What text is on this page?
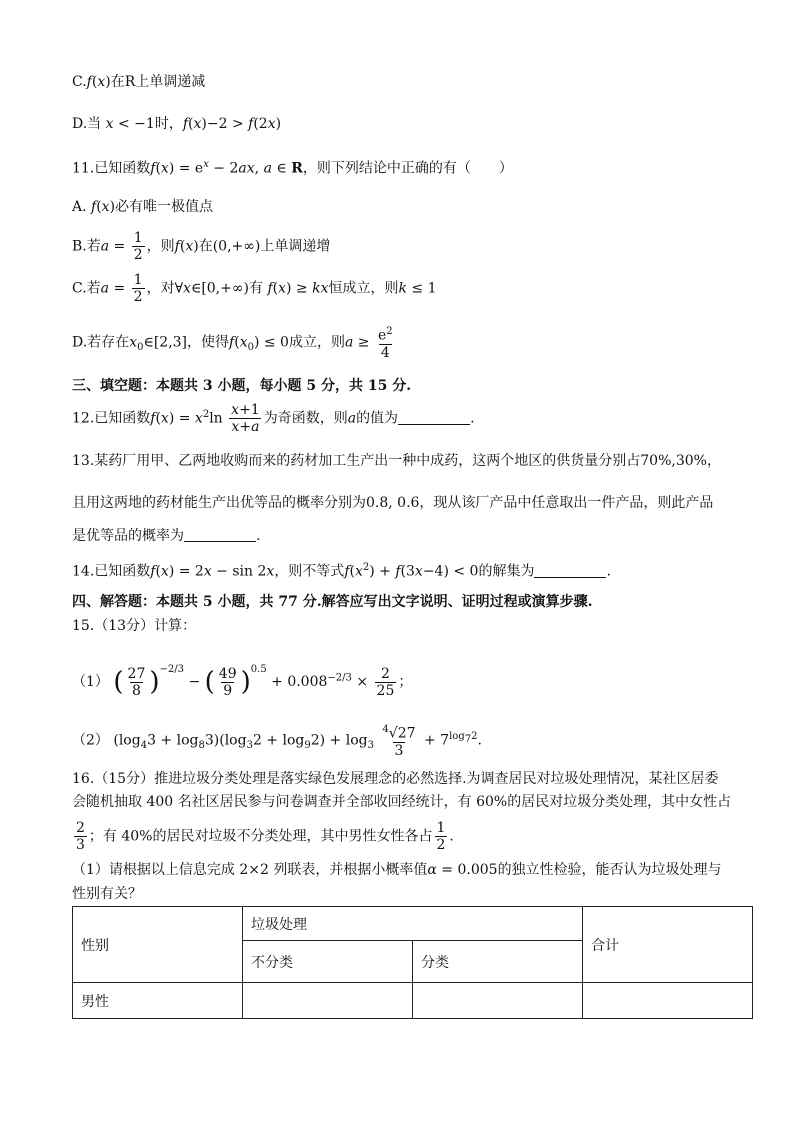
C.f(x)在R上单调递减
D.当 x < −1时，f(x)−2 > f(2x)
11.已知函数$f(x) = e^x - 2ax$, a ∈ R，则下列结论中正确的有（　　）
A. f(x)必有唯一极值点
B.若$a = \frac{1}{2}$ ，则f(x)在(0,+∞)上单调递增
C.若$a = \frac{1}{2}$ ，对∀x∈[0,+∞)有 f(x) ≥ kx恒成立，则k ≤ 1
D.若存在$x_0\in[2,3]$，使得$f(x_0) \le 0$成立，则$a \ge \frac{e^2}{4}$
三、填空题：本题共 3 小题，每小题 5 分，共 15 分.
12.已知函数$f(x) = x^2\ln \frac{x+1}{x+a}$ 为奇函数，则a的值为	.
13.某药厂用甲、乙两地收购而来的药材加工生产出一种中成药，这两个地区的供货量分别占70%,30%，
且用这两地的药材能生产出优等品的概率分别为0.8, 0.6，现从该厂产品中任意取出一件产品，则此产品
是优等品的概率为	.
14.已知函数f(x) = 2x − sin 2x，则不等式$f(x^2) + f(3x-4) < 0$的解集为	.
四、解答题：本题共 5 小题，共 77 分.解答应写出文字说明、证明过程或演算步骤.
15.（13分）计算：
（1） ( $\frac{27}{8} )^{-2/3}$ − ( $\frac{49}{9} )^{0.5} + 0.008^{-2/3} \times \frac{2}{25}$ ；
（2） $(\log_43 + \log_83)(\log_32 + \log_92) + \log_3 \frac{^4√27}{3} + 7^{log_72}$.
16.（15分）推进垃圾分类处理是落实绿色发展理念的必然选择.为调查居民对垃圾处理情况，某社区居委
会随机抽取 400 名社区居民参与问卷调查并全部收回经统计，有 60%的居民对垃圾分类处理，其中女性占
$\frac{2}{3}$ ；有 40%的居民对垃圾不分类处理，其中男性女性各占 $\frac{1}{2}$ .
（1）请根据以上信息完成 2×2 列联表，并根据小概率值α = 0.005的独立性检验，能否认为垃圾处理与
性别有关？
性别	垃圾处理		合计
	不分类	分类	
男性			
